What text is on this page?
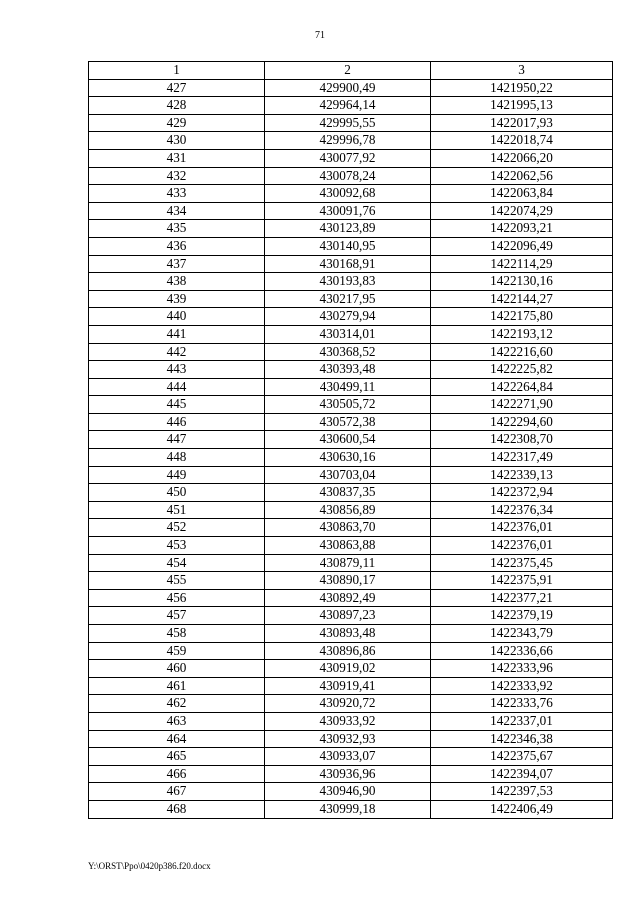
71
1	2	3
427	429900,49	1421950,22
428	429964,14	1421995,13
429	429995,55	1422017,93
430	429996,78	1422018,74
431	430077,92	1422066,20
432	430078,24	1422062,56
433	430092,68	1422063,84
434	430091,76	1422074,29
435	430123,89	1422093,21
436	430140,95	1422096,49
437	430168,91	1422114,29
438	430193,83	1422130,16
439	430217,95	1422144,27
440	430279,94	1422175,80
441	430314,01	1422193,12
442	430368,52	1422216,60
443	430393,48	1422225,82
444	430499,11	1422264,84
445	430505,72	1422271,90
446	430572,38	1422294,60
447	430600,54	1422308,70
448	430630,16	1422317,49
449	430703,04	1422339,13
450	430837,35	1422372,94
451	430856,89	1422376,34
452	430863,70	1422376,01
453	430863,88	1422376,01
454	430879,11	1422375,45
455	430890,17	1422375,91
456	430892,49	1422377,21
457	430897,23	1422379,19
458	430893,48	1422343,79
459	430896,86	1422336,66
460	430919,02	1422333,96
461	430919,41	1422333,92
462	430920,72	1422333,76
463	430933,92	1422337,01
464	430932,93	1422346,38
465	430933,07	1422375,67
466	430936,96	1422394,07
467	430946,90	1422397,53
468	430999,18	1422406,49
Y:\ORST\Ppo\0420p386.f20.docx
